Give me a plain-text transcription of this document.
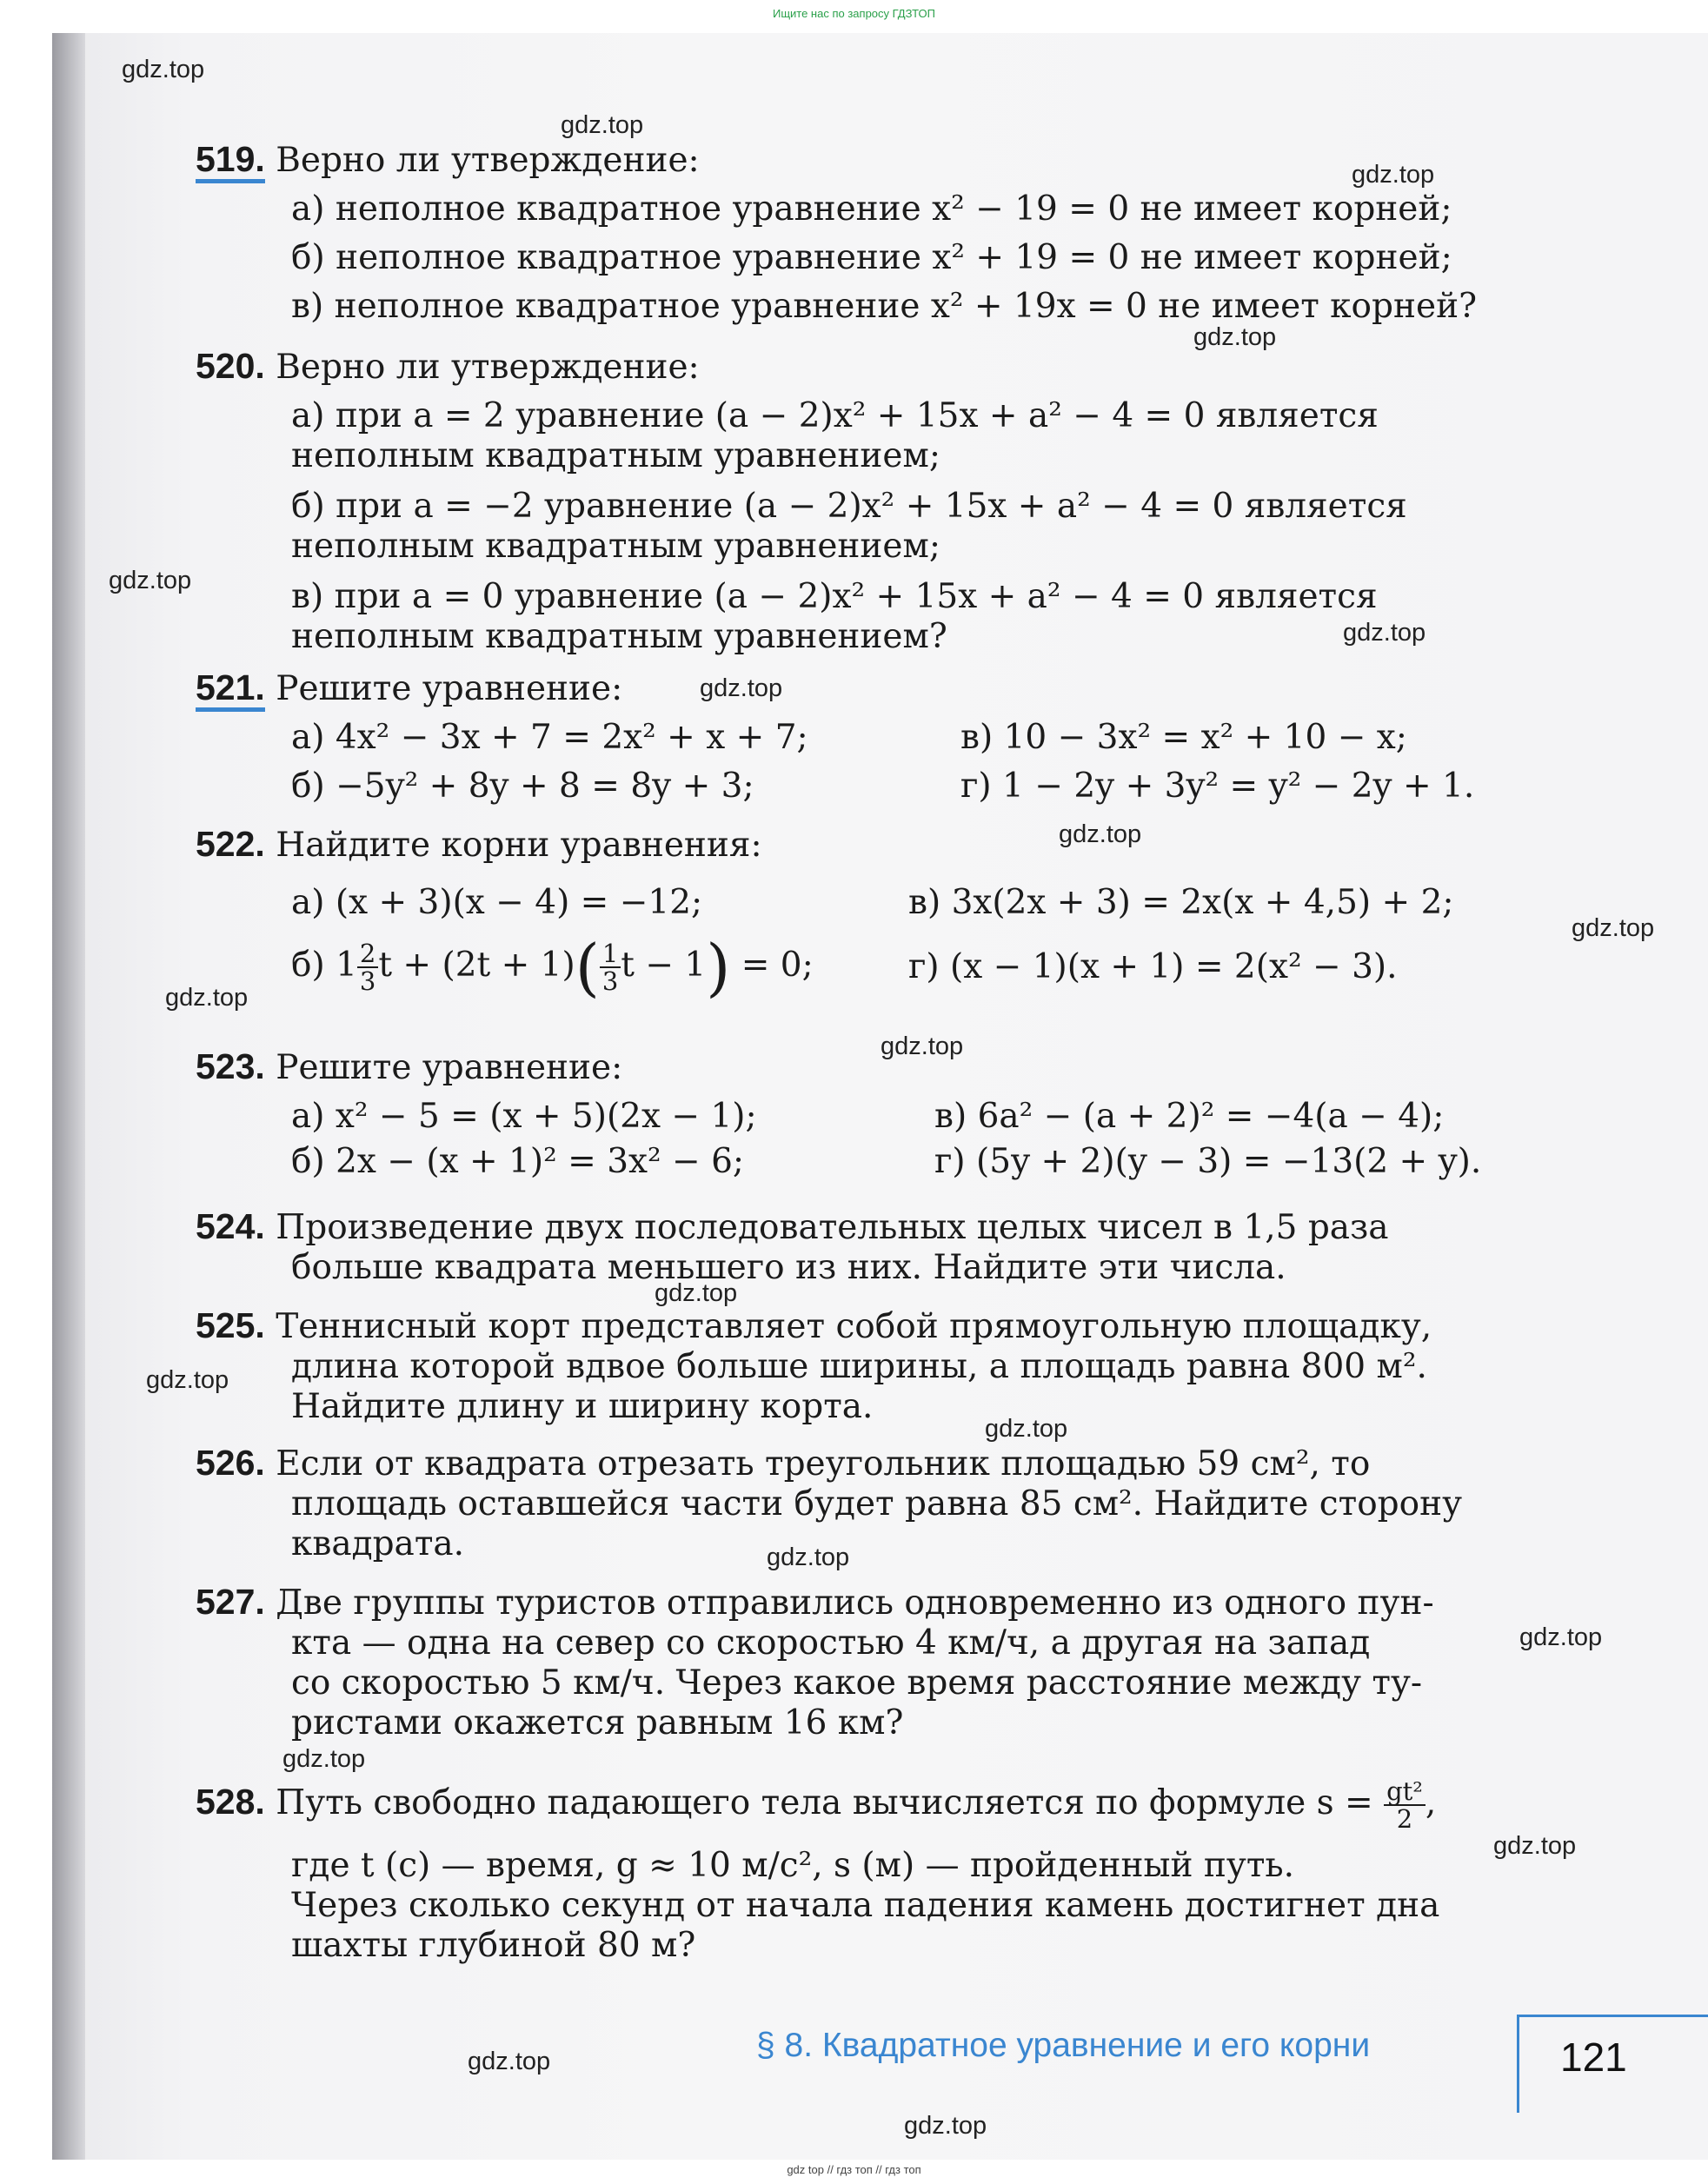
Ищите нас по запросу ГДЗТОП
519. Верно ли утверждение:
а) неполное квадратное уравнение x² − 19 = 0 не имеет корней;
б) неполное квадратное уравнение x² + 19 = 0 не имеет корней;
в) неполное квадратное уравнение x² + 19x = 0 не имеет корней?
520. Верно ли утверждение:
а) при a = 2 уравнение (a − 2)x² + 15x + a² − 4 = 0 является
неполным квадратным уравнением;
б) при a = −2 уравнение (a − 2)x² + 15x + a² − 4 = 0 является
неполным квадратным уравнением;
в) при a = 0 уравнение (a − 2)x² + 15x + a² − 4 = 0 является
неполным квадратным уравнением?
521. Решите уравнение:
а) 4x² − 3x + 7 = 2x² + x + 7;	в) 10 − 3x² = x² + 10 − x;
б) −5y² + 8y + 8 = 8y + 3;	г) 1 − 2y + 3y² = y² − 2y + 1.
522. Найдите корни уравнения:
а) (x + 3)(x − 4) = −12;	в) 3x(2x + 3) = 2x(x + 4,5) + 2;
б) $1 \frac{2}{3}$ $t + (2t + 1)( \frac{1}{3}$ t − 1) = 0;	г) (x − 1)(x + 1) = 2(x² − 3).
523. Решите уравнение:
а) x² − 5 = (x + 5)(2x − 1);	в) 6a² − (a + 2)² = −4(a − 4);
б) 2x − (x + 1)² = 3x² − 6;	г) (5y + 2)(y − 3) = −13(2 + y).
524. Произведение двух последовательных целых чисел в 1,5 раза
больше квадрата меньшего из них. Найдите эти числа.
525. Теннисный корт представляет собой прямоугольную площадку,
длина которой вдвое больше ширины, а площадь равна 800 м².
Найдите длину и ширину корта.
526. Если от квадрата отрезать треугольник площадью 59 см², то
площадь оставшейся части будет равна 85 см². Найдите сторону
квадрата.
527. Две группы туристов отправились одновременно из одного пун-
кта — одна на север со скоростью 4 км/ч, а другая на запад
со скоростью 5 км/ч. Через какое время расстояние между ту-
ристами окажется равным 16 км?
528. Путь свободно падающего тела вычисляется по формуле $s = \frac{\text{gt²}}{2}$ ,
где t (с) — время, g ≈ 10 м/с², s (м) — пройденный путь.
Через сколько секунд от начала падения камень достигнет дна
шахты глубиной 80 м?
§ 8. Квадратное уравнение и его корни	121
gdz.top
gdz.top
gdz.top
gdz.top
gdz.top
gdz.top
gdz.top
gdz.top
gdz.top
gdz.top
gdz.top
gdz.top
gdz.top
gdz.top
gdz.top
gdz.top
gdz.top
gdz.top
gdz.top
gdz.top
gdz top // гдз топ // гдз топ
